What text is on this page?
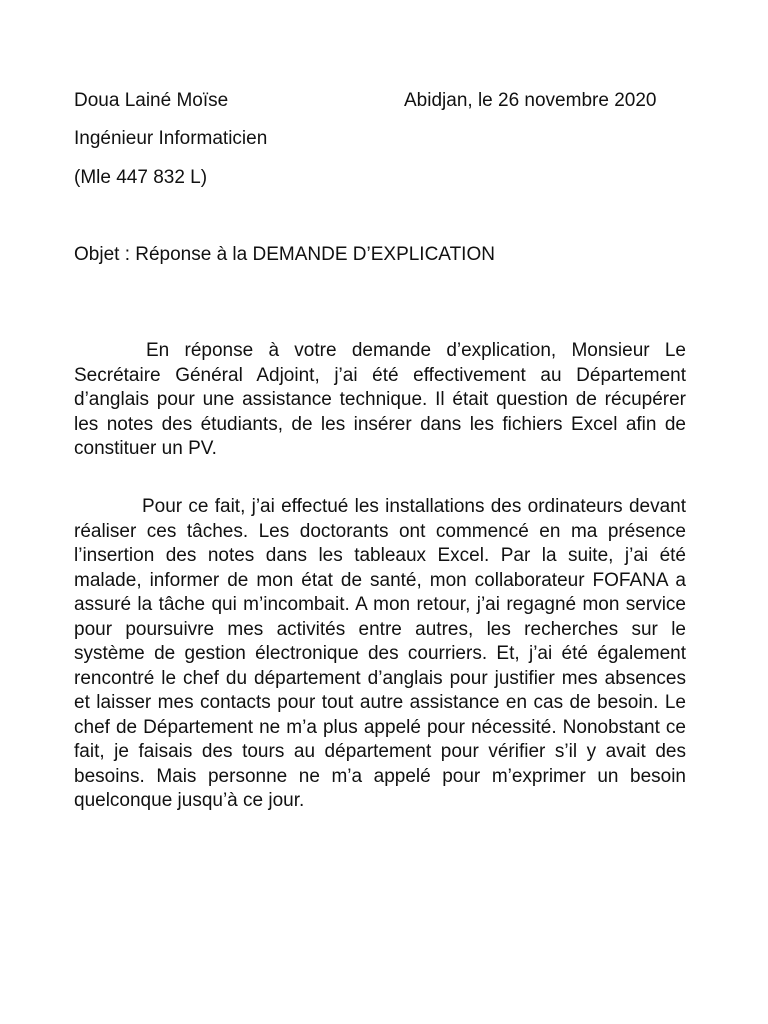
Doua Lainé Moïse	Abidjan, le 26 novembre 2020
Ingénieur Informaticien
(Mle 447 832 L)
Objet : Réponse à la DEMANDE D’EXPLICATION

En réponse à votre demande d’explication, Monsieur Le Secrétaire Général Adjoint, j’ai été effectivement au Département d’anglais pour une assistance technique. Il était question de récupérer les notes des étudiants, de les insérer dans les fichiers Excel afin de constituer un PV.

Pour ce fait, j’ai effectué les installations des ordinateurs devant réaliser ces tâches. Les doctorants ont commencé en ma présence l’insertion des notes dans les tableaux Excel. Par la suite, j’ai été malade, informer de mon état de santé, mon collaborateur FOFANA a assuré la tâche qui m’incombait. A mon retour, j’ai regagné mon service pour poursuivre mes activités entre autres, les recherches sur le système de gestion électronique des courriers. Et, j’ai été également rencontré le chef du département d’anglais pour justifier mes absences et laisser mes contacts pour tout autre assistance en cas de besoin. Le chef de Département ne m’a plus appelé pour nécessité. Nonobstant ce fait, je faisais des tours au département pour vérifier s’il y avait des besoins. Mais personne ne m’a appelé pour m’exprimer un besoin quelconque jusqu’à ce jour.
